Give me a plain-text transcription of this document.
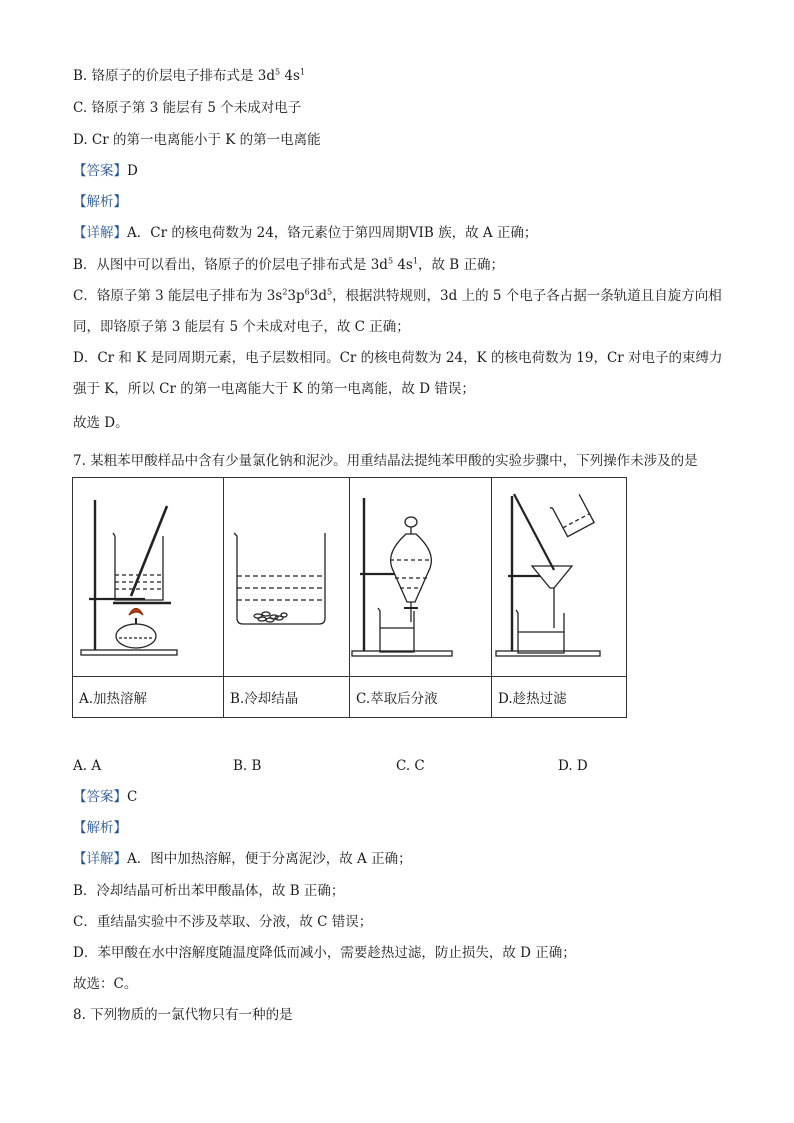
B. 铬原子的价层电子排布式是 $3d^5$ $4s^1$
C. 铬原子第 3 能层有 5 个未成对电子
D. Cr 的第一电离能小于 K 的第一电离能
【答案】D
【解析】
【详解】A．Cr 的核电荷数为 24，铬元素位于第四周期VIB 族，故 A 正确；
B．从图中可以看出，铬原子的价层电子排布式是 $3d^5$ $4s^1$，故 B 正确；
C．铬原子第 3 能层电子排布为 $3s^23p^63d^5$，根据洪特规则，3d 上的 5 个电子各占据一条轨道且自旋方向相
同，即铬原子第 3 能层有 5 个未成对电子，故 C 正确；
D．Cr 和 K 是同周期元素，电子层数相同。Cr 的核电荷数为 24，K 的核电荷数为 19，Cr 对电子的束缚力
强于 K，所以 Cr 的第一电离能大于 K 的第一电离能，故 D 错误；
故选 D。
7. 某粗苯甲酸样品中含有少量氯化钠和泥沙。用重结晶法提纯苯甲酸的实验步骤中，下列操作未涉及的是

A.加热溶解	B.冷却结晶	C.萃取后分液	D.趁热过滤
A. A	B. B	C. C	D. D
【答案】C
【解析】
【详解】A．图中加热溶解，便于分离泥沙，故 A 正确；
B．冷却结晶可析出苯甲酸晶体，故 B 正确；
C．重结晶实验中不涉及萃取、分液，故 C 错误；
D．苯甲酸在水中溶解度随温度降低而减小，需要趁热过滤，防止损失，故 D 正确；
故选：C。
8. 下列物质的一氯代物只有一种的是
